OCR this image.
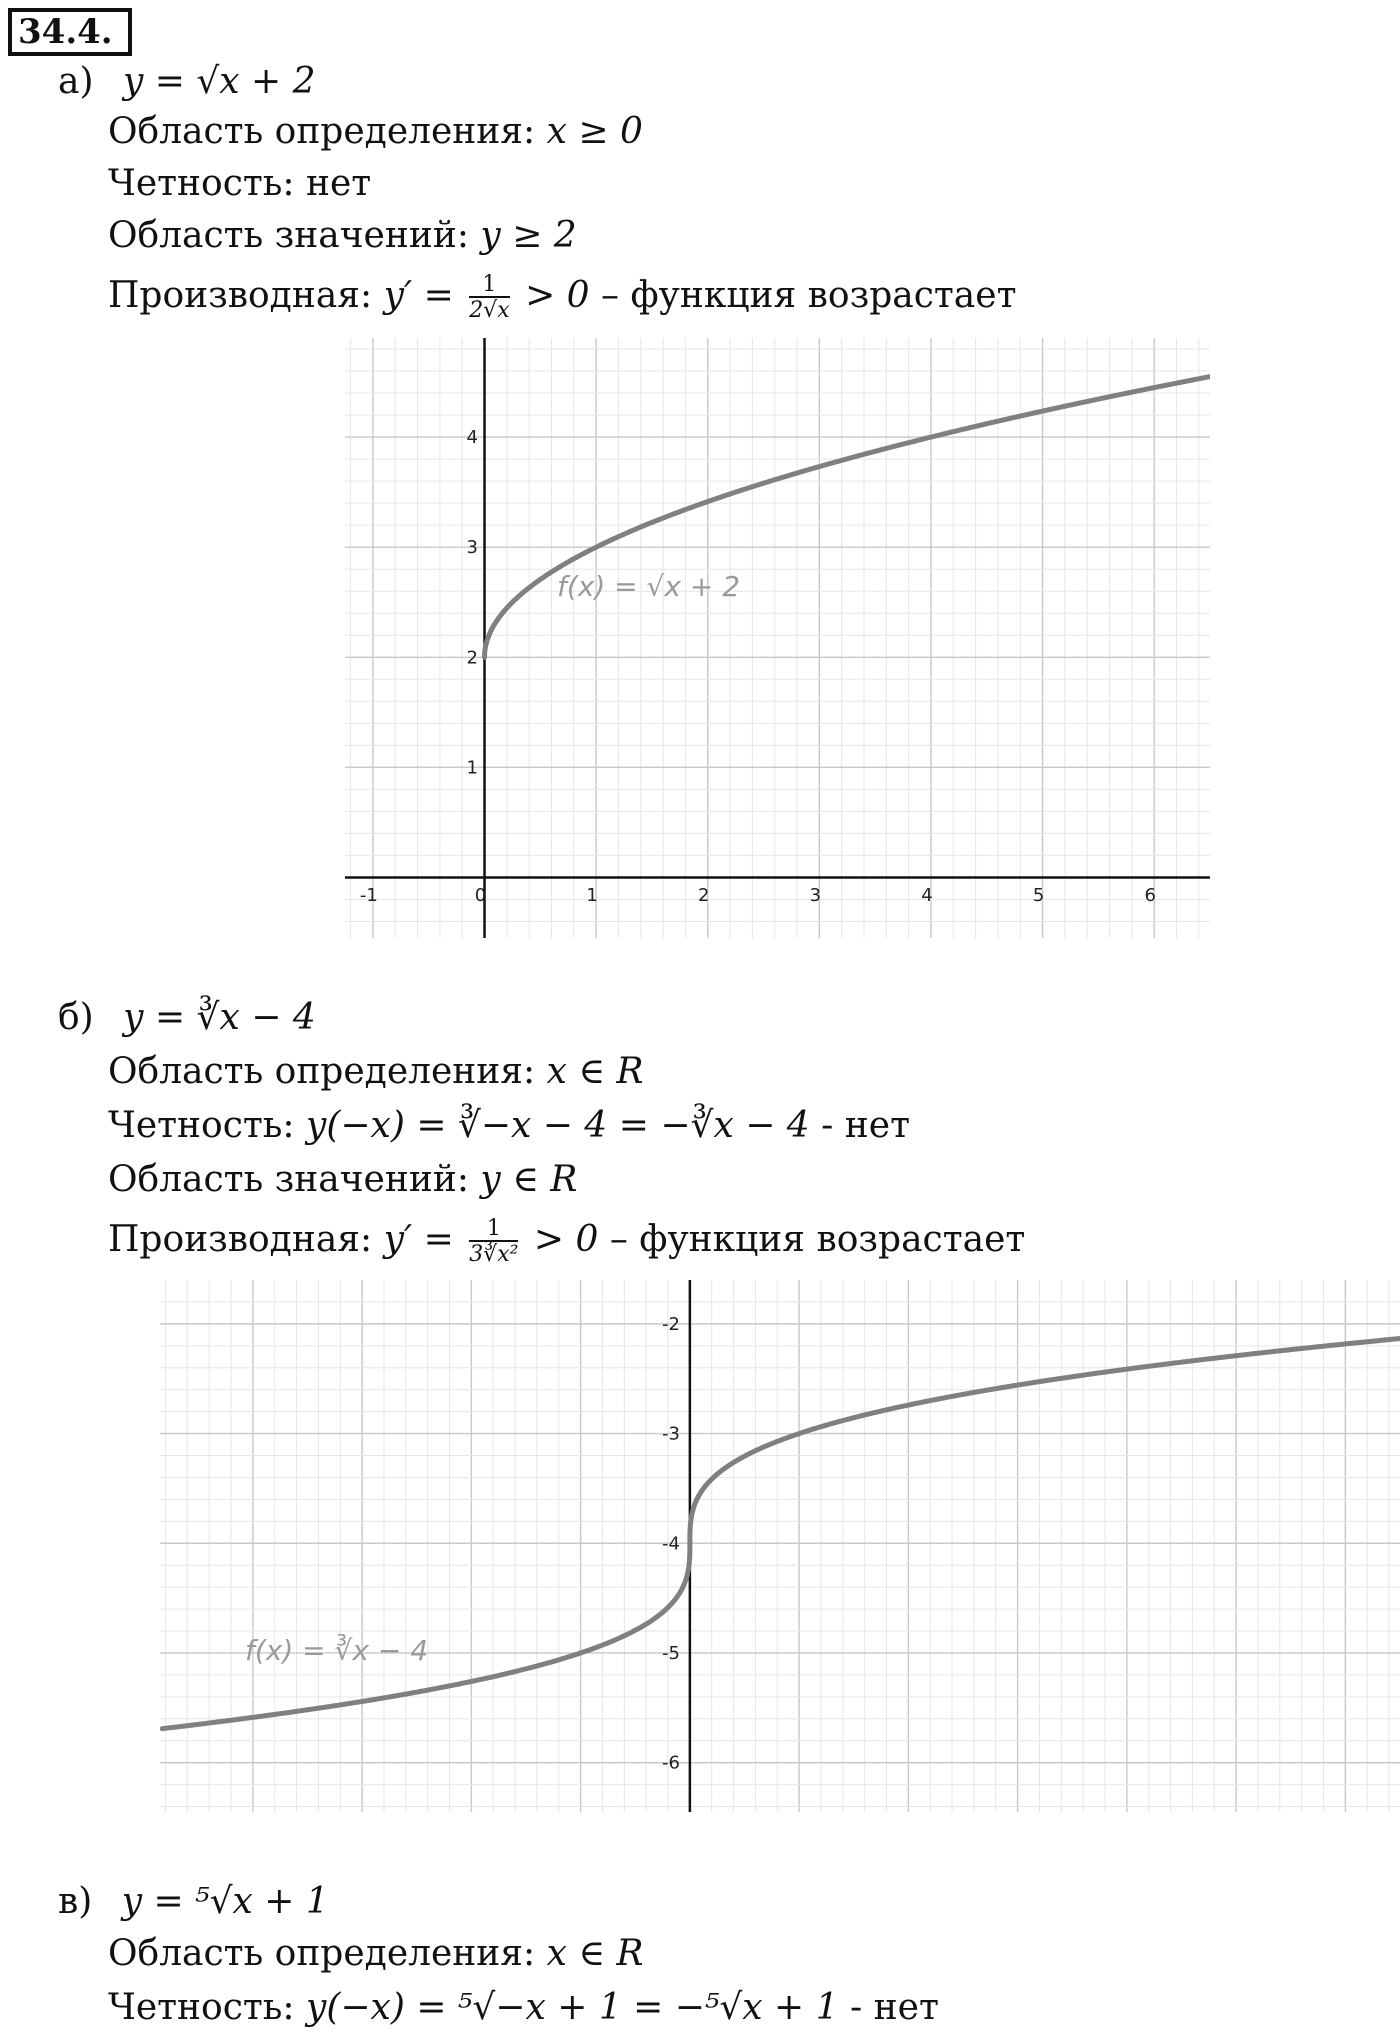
34.4.
а) y = √x + 2
Область определения: x ≥ 0
Четность: нет
Область значений: y ≥ 2
Производная: $y' = \frac{1}{2√x} > 0$ – функция возрастает
-1	0	1	2	3	4	5	6
1
2
3
4
f(x) = √x + 2
б) y = ∛x − 4
Область определения: x ∈ R
Четность: y(−x) = ∛−x − 4 = −∛x − 4 - нет
Область значений: y ∈ R
Производная: $y' = \frac{1}{\text{3∛x²}} > 0$ – функция возрастает
-2
-3
-4
-5
-6
f(x) = ∛x − 4
в) y = ⁵√x + 1
Область определения: x ∈ R
Четность: y(−x) = ⁵√−x + 1 = −⁵√x + 1 - нет
